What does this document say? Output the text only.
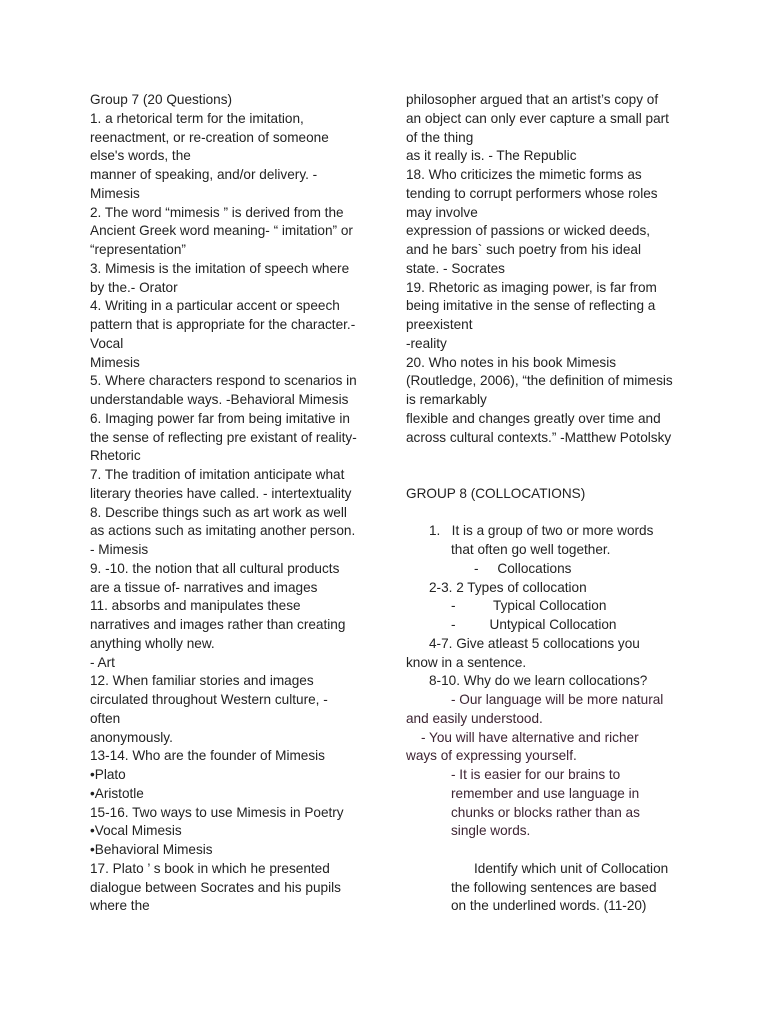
Group 7 (20 Questions)
1. a rhetorical term for the imitation,
reenactment, or re-creation of someone
else's words, the
manner of speaking, and/or delivery. -
Mimesis
2. The word “mimesis ” is derived from the
Ancient Greek word meaning- “ imitation” or
“representation”
3. Mimesis is the imitation of speech where
by the.- Orator
4. Writing in a particular accent or speech
pattern that is appropriate for the character.-
Vocal
Mimesis
5. Where characters respond to scenarios in
understandable ways. -Behavioral Mimesis
6. Imaging power far from being imitative in
the sense of reflecting pre existant of reality-
Rhetoric
7. The tradition of imitation anticipate what
literary theories have called. - intertextuality
8. Describe things such as art work as well
as actions such as imitating another person.
- Mimesis
9. -10. the notion that all cultural products
are a tissue of- narratives and images
11. absorbs and manipulates these
narratives and images rather than creating
anything wholly new.
- Art
12. When familiar stories and images
circulated throughout Western culture, -
often
anonymously.
13-14. Who are the founder of Mimesis
•Plato
•Aristotle
15-16. Two ways to use Mimesis in Poetry
•Vocal Mimesis
•Behavioral Mimesis
17. Plato ’ s book in which he presented
dialogue between Socrates and his pupils
where the
philosopher argued that an artist’s copy of
an object can only ever capture a small part
of the thing
as it really is. - The Republic
18. Who criticizes the mimetic forms as
tending to corrupt performers whose roles
may involve
expression of passions or wicked deeds,
and he bars` such poetry from his ideal
state. - Socrates
19. Rhetoric as imaging power, is far from
being imitative in the sense of reflecting a
preexistent
-reality
20. Who notes in his book Mimesis
(Routledge, 2006), “the definition of mimesis
is remarkably
flexible and changes greatly over time and
across cultural contexts.” -Matthew Potolsky
GROUP 8 (COLLOCATIONS)
1.   It is a group of two or more words
that often go well together.
-     Collocations
2-3. 2 Types of collocation
-          Typical Collocation
-         Untypical Collocation
4-7. Give atleast 5 collocations you
know in a sentence.
8-10. Why do we learn collocations?
- Our language will be more natural
and easily understood.
- You will have alternative and richer
ways of expressing yourself.
- It is easier for our brains to
remember and use language in
chunks or blocks rather than as
single words.
Identify which unit of Collocation
the following sentences are based
on the underlined words. (11-20)
